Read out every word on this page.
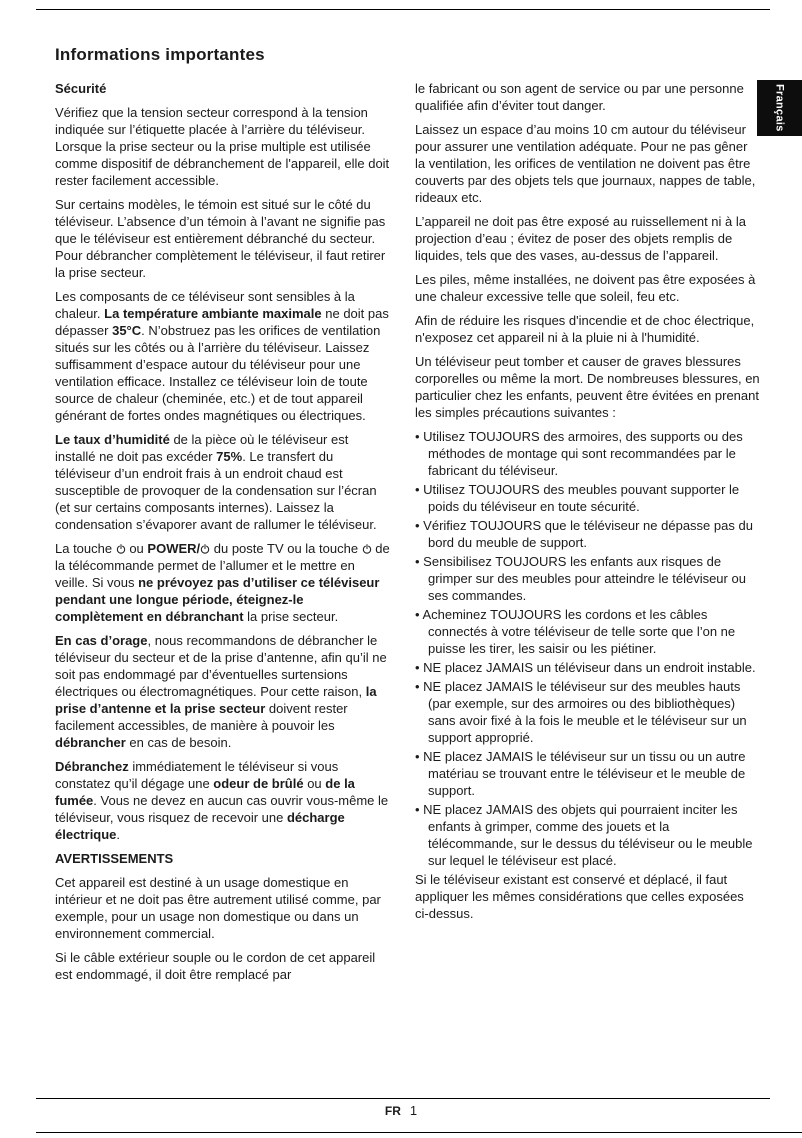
Informations importantes
Français

Sécurité

Vérifiez que la tension secteur correspond à la tension indiquée sur l’étiquette placée à l’arrière du téléviseur. Lorsque la prise secteur ou la prise multiple est utilisée comme dispositif de débranchement de l'appareil, elle doit rester facilement accessible.

Sur certains modèles, le témoin est situé sur le côté du téléviseur. L’absence d’un témoin à l’avant ne signifie pas que le téléviseur est entièrement débranché du secteur. Pour débrancher complètement le téléviseur, il faut retirer la prise secteur.

Les composants de ce téléviseur sont sensibles à la chaleur. La température ambiante maximale ne doit pas dépasser 35°C. N’obstruez pas les orifices de ventilation situés sur les côtés ou à l’arrière du téléviseur. Laissez suffisamment d’espace autour du téléviseur pour une ventilation efficace. Installez ce téléviseur loin de toute source de chaleur (cheminée, etc.) et de tout appareil générant de fortes ondes magnétiques ou électriques.

Le taux d’humidité de la pièce où le téléviseur est installé ne doit pas excéder 75%. Le transfert du téléviseur d’un endroit frais à un endroit chaud est susceptible de provoquer de la condensation sur l’écran (et sur certains composants internes). Laissez la condensation s’évaporer avant de rallumer le téléviseur.

La touche
ou POWER/
du poste TV ou la touche
de la télécommande permet de l’allumer et le mettre en veille. Si vous ne prévoyez pas d’utiliser ce téléviseur pendant une longue période, éteignez-le complètement en débranchant la prise secteur.

En cas d’orage, nous recommandons de débrancher le téléviseur du secteur et de la prise d’antenne, afin qu’il ne soit pas endommagé par d’éventuelles surtensions électriques ou électromagnétiques. Pour cette raison, la prise d’antenne et la prise secteur doivent rester facilement accessibles, de manière à pouvoir les débrancher en cas de besoin.

Débranchez immédiatement le téléviseur si vous constatez qu’il dégage une odeur de brûlé ou de la fumée. Vous ne devez en aucun cas ouvrir vous-même le téléviseur, vous risquez de recevoir une décharge électrique.

AVERTISSEMENTS

Cet appareil est destiné à un usage domestique en intérieur et ne doit pas être autrement utilisé comme, par exemple, pour un usage non domestique ou dans un environnement commercial.

Si le câble extérieur souple ou le cordon de cet appareil est endommagé, il doit être remplacé par

le fabricant ou son agent de service ou par une personne qualifiée afin d’éviter tout danger.

Laissez un espace d’au moins 10 cm autour du téléviseur pour assurer une ventilation adéquate. Pour ne pas gêner la ventilation, les orifices de ventilation ne doivent pas être couverts par des objets tels que journaux, nappes de table, rideaux etc.

L’appareil ne doit pas être exposé au ruissellement ni à la projection d’eau ; évitez de poser des objets remplis de liquides, tels que des vases, au-dessus de l’appareil.

Les piles, même installées, ne doivent pas être exposées à une chaleur excessive telle que soleil, feu etc.

Afin de réduire les risques d'incendie et de choc électrique, n'exposez cet appareil ni à la pluie ni à l'humidité.

Un téléviseur peut tomber et causer de graves blessures corporelles ou même la mort. De nombreuses blessures, en particulier chez les enfants, peuvent être évitées en prenant les simples précautions suivantes :

• Utilisez TOUJOURS des armoires, des supports ou des méthodes de montage qui sont recommandées par le fabricant du téléviseur.

• Utilisez TOUJOURS des meubles pouvant supporter le poids du téléviseur en toute sécurité.

• Vérifiez TOUJOURS que le téléviseur ne dépasse pas du bord du meuble de support.

• Sensibilisez TOUJOURS les enfants aux risques de grimper sur des meubles pour atteindre le téléviseur ou ses commandes.

• Acheminez TOUJOURS les cordons et les câbles connectés à votre téléviseur de telle sorte que l’on ne puisse les tirer, les saisir ou les piétiner.

• NE placez JAMAIS un téléviseur dans un endroit instable.

• NE placez JAMAIS le téléviseur sur des meubles hauts (par exemple, sur des armoires ou des bibliothèques) sans avoir fixé à la fois le meuble et le téléviseur sur un support approprié.

• NE placez JAMAIS le téléviseur sur un tissu ou un autre matériau se trouvant entre le téléviseur et le meuble de support.

• NE placez JAMAIS des objets qui pourraient inciter les enfants à grimper, comme des jouets et la télécommande, sur le dessus du téléviseur ou le meuble sur lequel le téléviseur est placé.

Si le téléviseur existant est conservé et déplacé, il faut appliquer les mêmes considérations que celles exposées ci-dessus.

FR 1
